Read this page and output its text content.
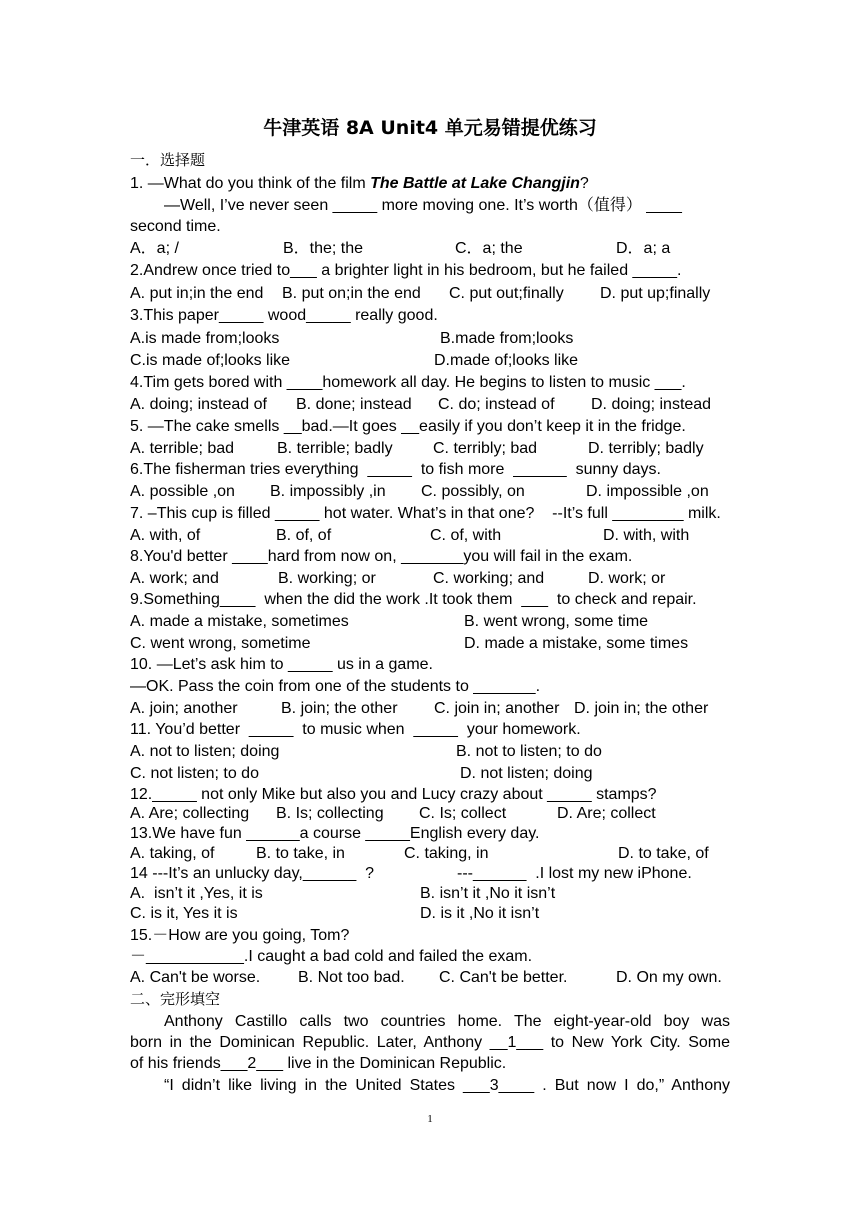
牛津英语 8A Unit4 单元易错提优练习
一．选择题
1. —What do you think of the film The Battle at Lake Changjin?
—Well, I’ve never seen _____ more moving one. It’s worth（值得） ____
second time.
A．a; /	B．the; the	C．a; the	D．a; a
2.Andrew once tried to___ a brighter light in his bedroom, but he failed _____.
A. put in;in the end B. put on;in the end C. put out;finally D. put up;finally
3.This paper_____ wood_____ really good.
A.is made from;looks	B.made from;looks
C.is made of;looks like	D.made of;looks like
4.Tim gets bored with ____homework all day. He begins to listen to music ___.
A. doing; instead of B. done; instead C. do; instead of D. doing; instead
5. —The cake smells __bad.—It goes __easily if you don’t keep it in the fridge.
A. terrible; bad	B. terrible; badly	C. terribly; bad	D. terribly; badly
6.The fisherman tries everything  _____  to fish more  ______  sunny days.
A. possible ,on B. impossibly ,in C. possibly, on	D. impossible ,on
7. –This cup is filled _____ hot water. What’s in that one?    --It’s full ________ milk.
A. with, of	B. of, of	C. of, with	D. with, with
8.You'd better ____hard from now on, _______you will fail in the exam.
A. work; and	B. working; or	C. working; and	D. work; or
9.Something____  when the did the work .It took them  ___  to check and repair.
A. made a mistake, sometimes	B. went wrong, some time
C. went wrong, sometime	D. made a mistake, some times
10. —Let’s ask him to _____ us in a game.
—OK. Pass the coin from one of the students to _______.
A. join; another	B. join; the other C. join in; another D. join in; the other
11. You’d better  _____  to music when  _____  your homework.
A. not to listen; doing	B. not to listen; to do
C. not listen; to do	D. not listen; doing
12._____ not only Mike but also you and Lucy crazy about _____ stamps?
A. Are; collecting B. Is; collecting C. Is; collect	D. Are; collect
13.We have fun ______a course _____English every day.
A. taking, of	B. to take, in	C. taking, in	D. to take, of
14 ---It’s an unlucky day,______  ?	---______  .I lost my new iPhone.
A.  isn’t it ,Yes, it is	B. isn’t it ,No it isn’t
C. is it, Yes it is	D. is it ,No it isn’t
15.－How are you going, Tom?
－___________.I caught a bad cold and failed the exam.
A. Can't be worse. B. Not too bad. C. Can't be better.	D. On my own.
二、完形填空
Anthony Castillo calls two countries home. The eight-year-old boy was
born in the Dominican Republic. Later, Anthony __1___ to New York City. Some
of his friends___2___ live in the Dominican Republic.
“I didn’t like living in the United States ___3____ . But now I do,” Anthony
1
